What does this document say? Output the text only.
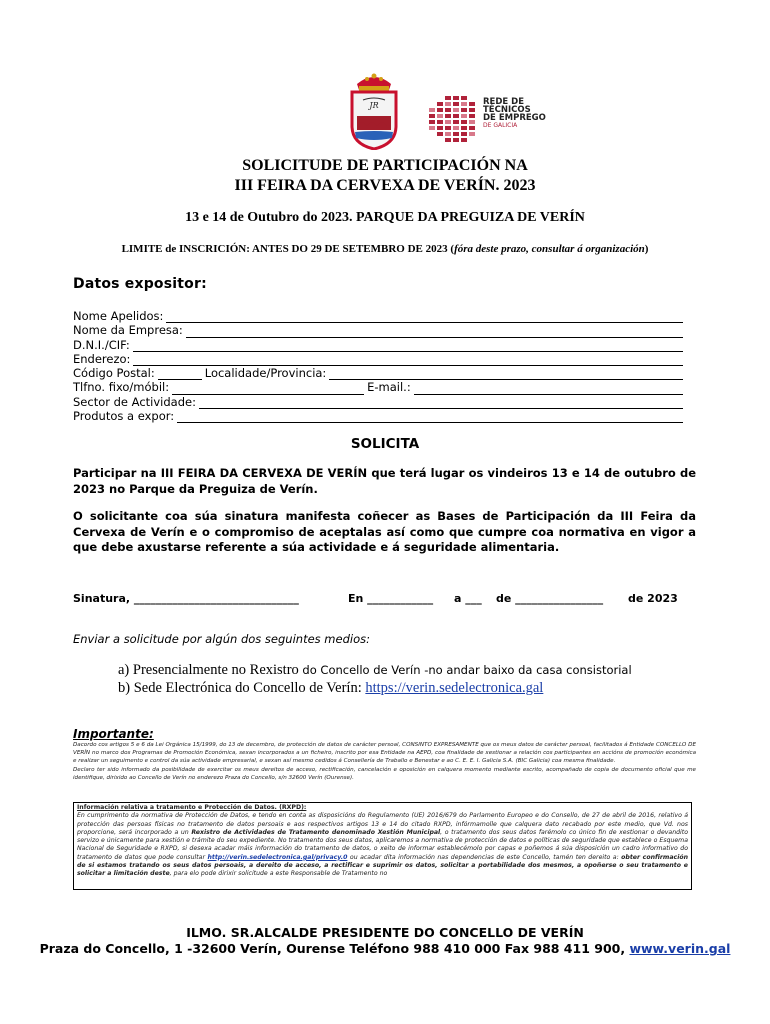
JR	REDE DE
TÉCNICOS
DE EMPREGO
DE GALICIA
SOLICITUDE DE PARTICIPACIÓN NA
III FEIRA DA CERVEXA DE VERÍN. 2023
13 e 14 de Outubro do 2023. PARQUE DA PREGUIZA DE VERÍN
LIMITE de INSCRICIÓN: ANTES DO 29 DE SETEMBRO DE 2023 (fóra deste prazo, consultar á organización)
Datos expositor:
Nome Apelidos:
Nome da Empresa:
D.N.I./CIF:
Enderezo:
Código Postal:	Localidade/Provincia:
Tlfno. fixo/móbil:	E-mail.:
Sector de Actividade:
Produtos a expor:
SOLICITA
Participar na III FEIRA DA CERVEXA DE VERÍN que terá lugar os vindeiros 13 e 14 de outubro de 2023 no Parque da Preguiza de Verín.
O solicitante coa súa sinatura manifesta coñecer as Bases de Participación da III Feira da Cervexa de Verín e o compromiso de aceptalas así como que cumpre coa normativa en vigor a que debe axustarse referente a súa actividade e á seguridade alimentaria.
Sinatura, ______________________________	En ____________ a ___ de ________________ de 2023
Enviar a solicitude por algún dos seguintes medios:
a) Presencialmente no Rexistro do Concello de Verín -no andar baixo da casa consistorial
b) Sede Electrónica do Concello de Verín: https://verin.sedelectronica.gal
Importante:
Dacordo cos artigos 5 e 6 da Lei Orgánica 15/1999, do 13 de decembro, de protección de datos de carácter persoal, CONSINTO EXPRESAMENTE que os meus datos de carácter persoal, facilitados á Entidade CONCELLO DE VERÍN no marco dos Programas de Promoción Económica, sexan incorporados a un ficheiro, inscrito por esa Entidade na AEPD, coa finalidade de xestionar a relación cos participantes en accións de promoción económica e realizar un seguimento e control da súa actividade empresarial, e sexan así mesmo cedidos á Consellería de Traballo e Benestar e ao C. E. E. I. Galicia S.A. (BIC Galicia) coa mesma finalidade.
Declaro ter sido informado da posibilidade de exercitar os meus dereitos de acceso, rectificación, cancelación e oposición en calquera momento mediante escrito, acompañado de copia de documento oficial que me identifique, dirixido ao Concello de Verín no enderezo Praza do Concello, s/n 32600 Verín (Ourense).
Información relativa a tratamento e Protección de Datos. (RXPD):
En cumprimento da normativa de Protección de Datos, e tendo en conta as disposicións do Regulamento (UE) 2016/679 do Parlamento Europeo e do Consello, de 27 de abril de 2016, relativo á protección das persoas físicas no tratamento de datos persoais e aos respectivos artigos 13 e 14 do citado RXPD, infórmamolle que calquera dato recabado por este medio, que Vd. nos proporcione, será incorporado a un Rexistro de Actividades de Tratamento denominado Xestión Municipal, o tratamento dos seus datos farémolo co único fin de xestionar o devandito servizo e únicamente para xestión e trámite do seu expediente. No tratamento dos seus datos, aplicaremos a normativa de protección de datos e políticas de seguridade que establece o Esquema Nacional de Seguridade e RXPD, si desexa acadar máis información do tratamento de datos, o xeito de informar establecémolo por capas e poñemos á súa disposición un cadro informativo do tratamento de datos que pode consultar http://verin.sedelectronica.gal/privacy.0 ou acadar dita información nas dependencias de este Concello, tamén ten dereito a: obter confirmación de si estamos tratando os seus datos persoais, a dereito de acceso, a rectificar e suprimir os datos, solicitar a portabilidade dos mesmos, a opoñerse o seu tratamento e solicitar a limitación deste, para elo pode dirixir solicitude a este Responsable de Tratamento no
ILMO. SR.ALCALDE PRESIDENTE DO CONCELLO DE VERÍN
Praza do Concello, 1 -32600 Verín, Ourense Teléfono 988 410 000 Fax 988 411 900, www.verin.gal
